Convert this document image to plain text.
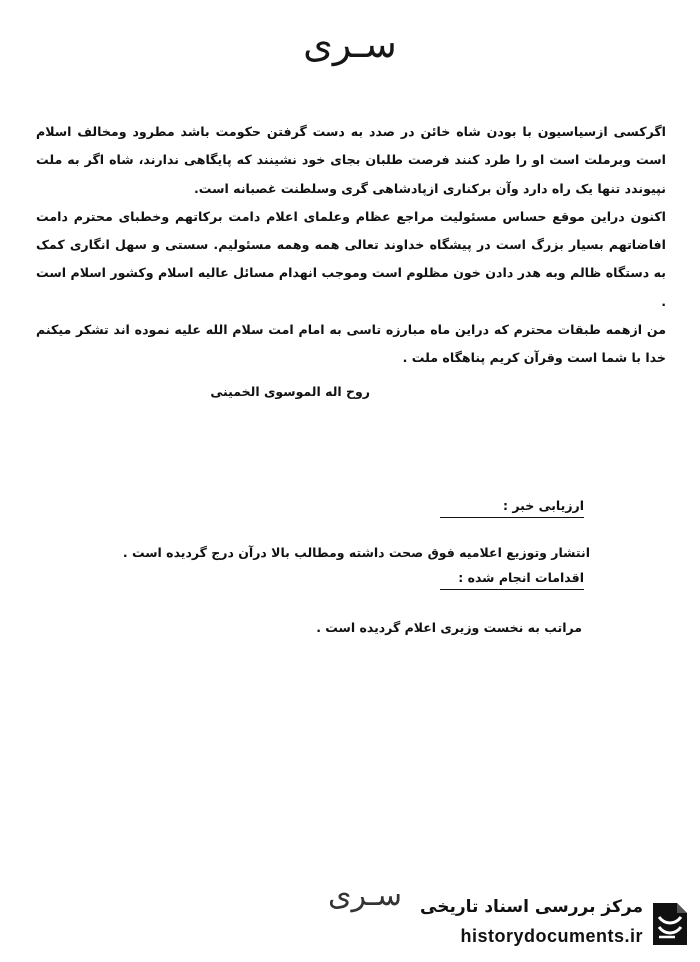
سـرى

اگرکسی ازسیاسیون با بودن شاه خائن در صدد به دست گرفتن حکومت باشد مطرود ومخالف اسلام است وبرملت است او را طرد کنند فرصت طلبان بجای خود نشینند که پایگاهی ندارند، شاه اگر به ملت نپیوندد تنها یک راه دارد وآن برکناری ازپادشاهی گری وسلطنت غصبانه است.

اکنون دراین موقع حساس مسئولیت مراجع عظام وعلمای اعلام دامت برکاتهم وخطبای محترم دامت افاضاتهم بسیار بزرگ است در پیشگاه خداوند تعالی همه وهمه مسئولیم. سستی و سهل انگاری کمک به دستگاه ظالم وبه هدر دادن خون مظلوم است وموجب انهدام مسائل عالیه اسلام وکشور اسلام است .

من ازهمه طبقات محترم که دراین ماه مبارزه تاسی به امام امت سلام الله علیه نموده اند تشکر میکنم خدا با شما است وقرآن کریم پناهگاه ملت .

روح اله الموسوی الخمینی
ارزیابی خبر :
انتشار وتوزیع اعلامیه فوق صحت داشته ومطالب بالا درآن درج گردیده است .
اقدامات انجام شده :
مراتب به نخست وزیری اعلام گردیده است .
سـرى	مرکز بررسی اسناد تاریخی
historydocuments.ir
